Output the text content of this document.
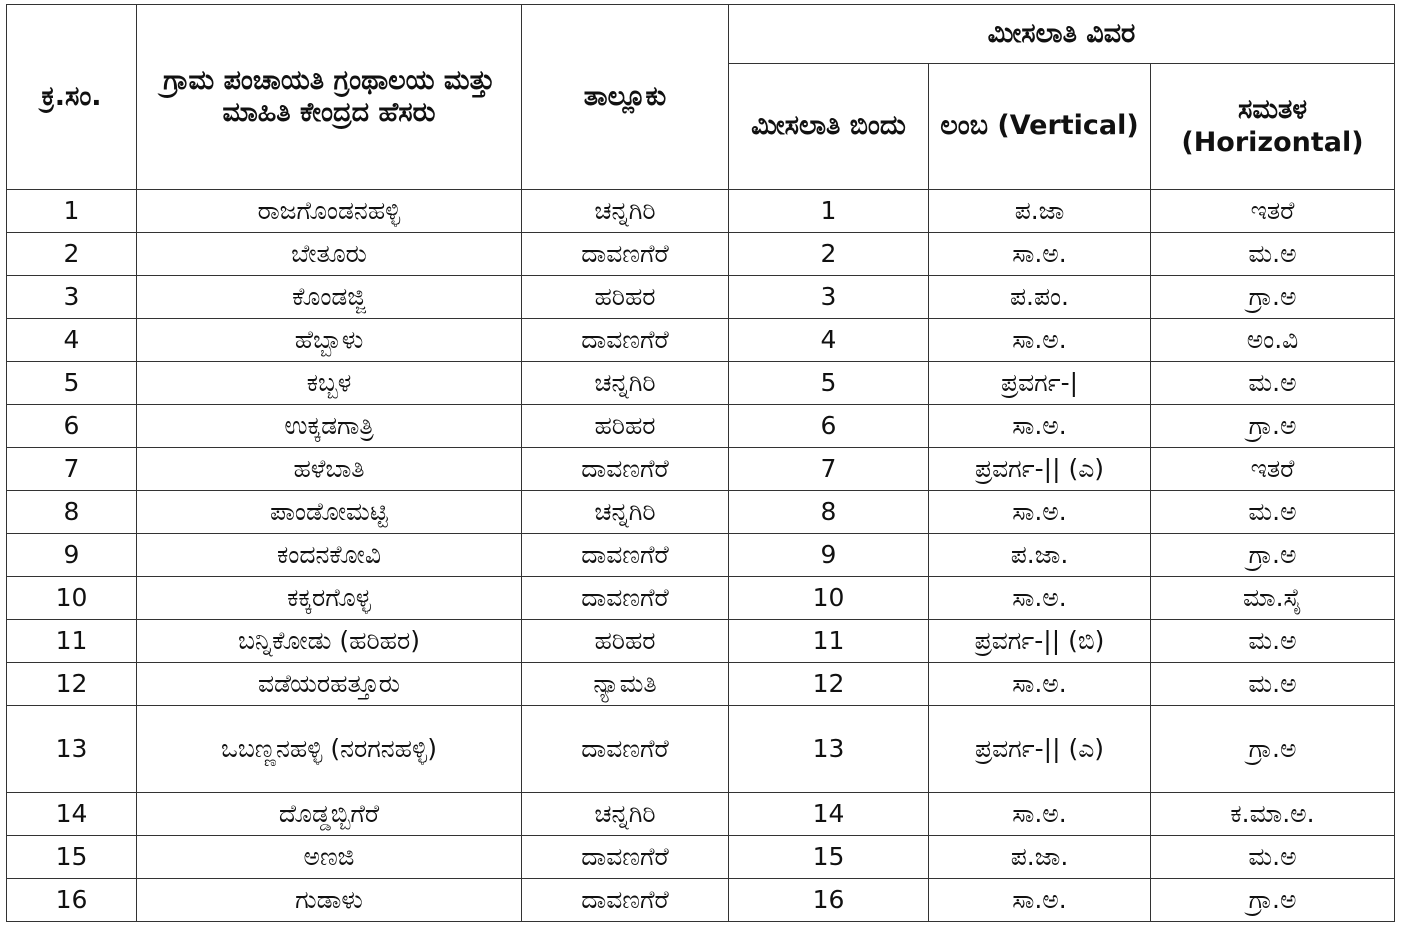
ಕ್ರ.ಸಂ.	ಗ್ರಾಮ ಪಂಚಾಯತಿ ಗ್ರಂಥಾಲಯ ಮತ್ತು ಮಾಹಿತಿ ಕೇಂದ್ರದ ಹೆಸರು	ತಾಲ್ಲೂಕು	ಮೀಸಲಾತಿ ವಿವರ		
			ಮೀಸಲಾತಿ ಬಿಂದು	ಲಂಬ (Vertical)	ಸಮತಳ (Horizontal)
1	ರಾಜಗೊಂಡನಹಳ್ಳಿ	ಚನ್ನಗಿರಿ	1	ಪ.ಜಾ	ಇತರೆ
2	ಬೇತೂರು	ದಾವಣಗೆರೆ	2	ಸಾ.ಅ.	ಮ.ಅ
3	ಕೊಂಡಜ್ಜಿ	ಹರಿಹರ	3	ಪ.ಪಂ.	ಗ್ರಾ.ಅ
4	ಹೆಬ್ಬಾಳು	ದಾವಣಗೆರೆ	4	ಸಾ.ಅ.	ಅಂ.ವಿ
5	ಕಬ್ಬಳ	ಚನ್ನಗಿರಿ	5	ಪ್ರವರ್ಗ-|	ಮ.ಅ
6	ಉಕ್ಕಡಗಾತ್ರಿ	ಹರಿಹರ	6	ಸಾ.ಅ.	ಗ್ರಾ.ಅ
7	ಹಳೆಬಾತಿ	ದಾವಣಗೆರೆ	7	ಪ್ರವರ್ಗ-|| (ಎ)	ಇತರೆ
8	ಪಾಂಡೋಮಟ್ಟಿ	ಚನ್ನಗಿರಿ	8	ಸಾ.ಅ.	ಮ.ಅ
9	ಕಂದನಕೋವಿ	ದಾವಣಗೆರೆ	9	ಪ.ಜಾ.	ಗ್ರಾ.ಅ
10	ಕಕ್ಕರಗೊಳ್ಳ	ದಾವಣಗೆರೆ	10	ಸಾ.ಅ.	ಮಾ.ಸೈ
11	ಬನ್ನಿಕೋಡು (ಹರಿಹರ)	ಹರಿಹರ	11	ಪ್ರವರ್ಗ-|| (ಬಿ)	ಮ.ಅ
12	ವಡೆಯರಹತ್ತೂರು	ನ್ಯಾಮತಿ	12	ಸಾ.ಅ.	ಮ.ಅ
13	ಒಬಣ್ಣನಹಳ್ಳಿ (ನರಗನಹಳ್ಳಿ)	ದಾವಣಗೆರೆ	13	ಪ್ರವರ್ಗ-|| (ಎ)	ಗ್ರಾ.ಅ
14	ದೊಡ್ಡಬ್ಬಿಗೆರೆ	ಚನ್ನಗಿರಿ	14	ಸಾ.ಅ.	ಕ.ಮಾ.ಅ.
15	ಅಣಜಿ	ದಾವಣಗೆರೆ	15	ಪ.ಜಾ.	ಮ.ಅ
16	ಗುಡಾಳು	ದಾವಣಗೆರೆ	16	ಸಾ.ಅ.	ಗ್ರಾ.ಅ
